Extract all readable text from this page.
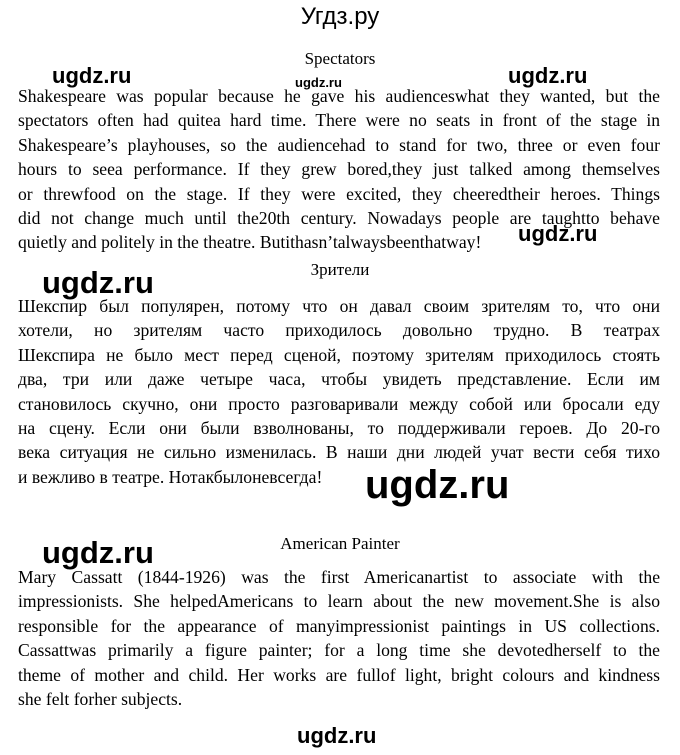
Угдз.ру
ugdz.ru	ugdz.ru	ugdz.ru
ugdz.ru
ugdz.ru
ugdz.ru
ugdz.ru
ugdz.ru
Spectators
Shakespeare was popular because he gave his audienceswhat they wanted, but the
spectators often had quitea hard time. There were no seats in front of the stage in
Shakespeare’s playhouses, so the audiencehad to stand for two, three or even four
hours to seea performance. If they grew bored,they just talked among themselves
or threwfood on the stage. If they were excited, they cheeredtheir heroes. Things
did not change much until the20th century. Nowadays people are taughtto behave
quietly and politely in the theatre. Butithasn’talwaysbeenthatway!
Зрители
Шекспир был популярен, потому что он давал своим зрителям то, что они
хотели, но зрителям часто приходилось довольно трудно. В театрах
Шекспира не было мест перед сценой, поэтому зрителям приходилось стоять
два, три или даже четыре часа, чтобы увидеть представление. Если им
становилось скучно, они просто разговаривали между собой или бросали еду
на сцену. Если они были взволнованы, то поддерживали героев. До 20-го
века ситуация не сильно изменилась. В наши дни людей учат вести себя тихо
и вежливо в театре. Нотакбылоневсегда!
American Painter
Mary Cassatt (1844-1926) was the first Americanartist to associate with the
impressionists. She helpedAmericans to learn about the new movement.She is also
responsible for the appearance of manyimpressionist paintings in US collections.
Cassattwas primarily a figure painter; for a long time she devotedherself to the
theme of mother and child. Her works are fullof light, bright colours and kindness
she felt forher subjects.
